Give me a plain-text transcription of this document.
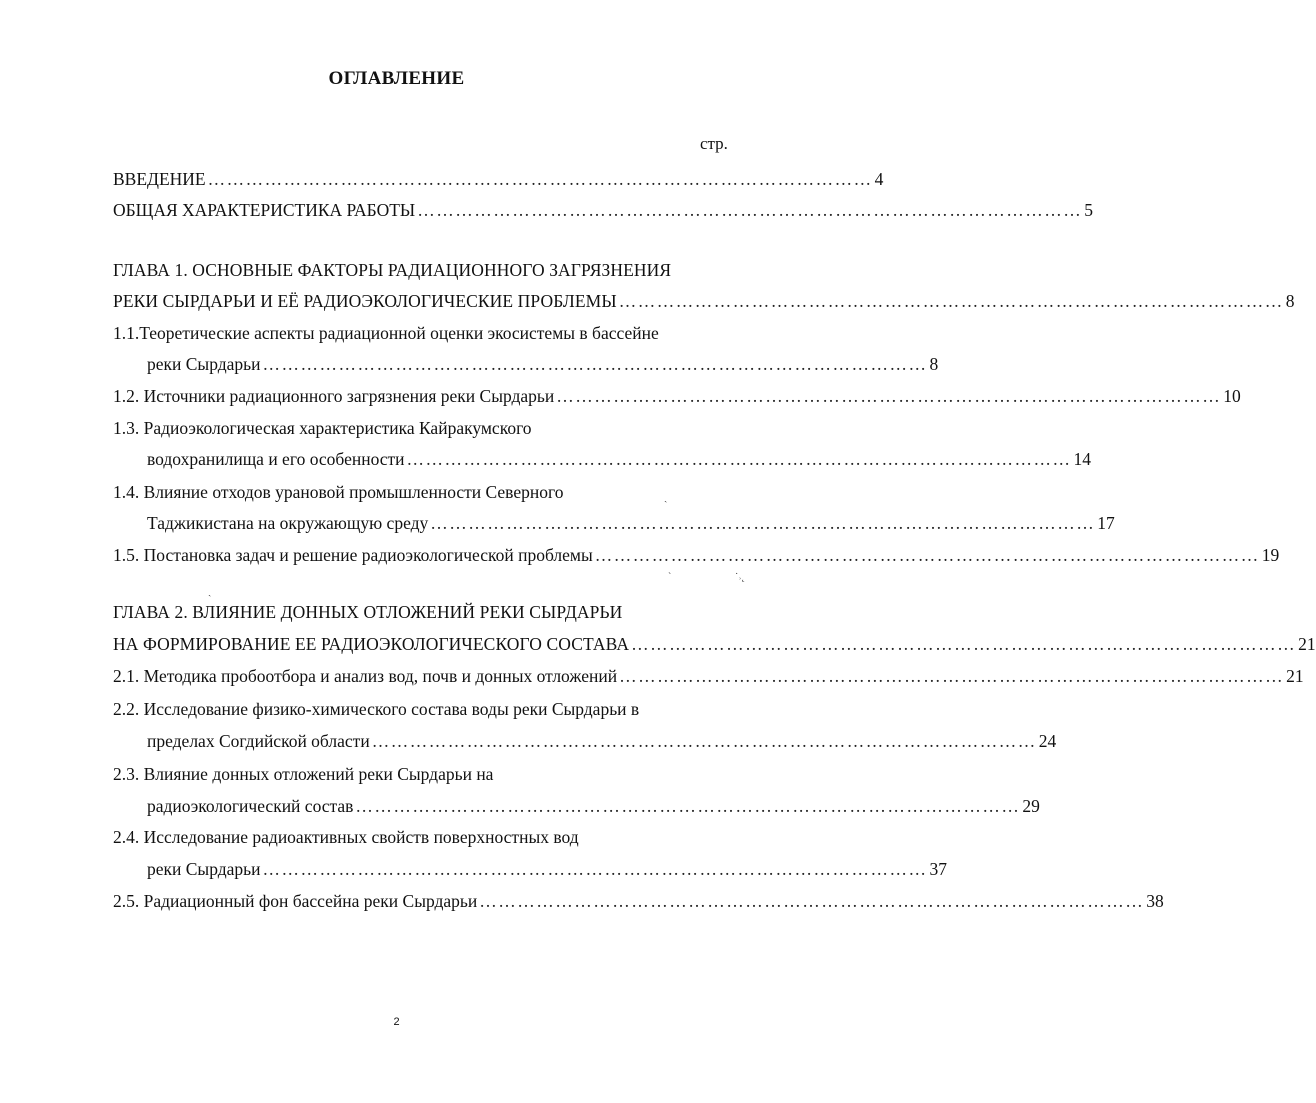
ОГЛАВЛЕНИЕ
стр.
ВВЕДЕНИЕ …………………………………………………………………………………………… 4
ОБЩАЯ ХАРАКТЕРИСТИКА РАБОТЫ …………………………………………………………………………………………… 5
ГЛАВА 1. ОСНОВНЫЕ ФАКТОРЫ РАДИАЦИОННОГО ЗАГРЯЗНЕНИЯ
РЕКИ СЫРДАРЬИ И ЕЁ РАДИОЭКОЛОГИЧЕСКИЕ ПРОБЛЕМЫ …………………………………………………………………………………………… 8
1.1.Теоретические аспекты радиационной оценки экосистемы в бассейне
реки Сырдарьи …………………………………………………………………………………………… 8
1.2. Источники радиационного загрязнения реки Сырдарьи …………………………………………………………………………………………… 10
1.3. Радиоэкологическая характеристика Кайракумского
водохранилища и его особенности …………………………………………………………………………………………… 14
1.4. Влияние отходов урановой промышленности Северного
Таджикистана на окружающую среду …………………………………………………………………………………………… 17
1.5. Постановка задач и решение радиоэкологической проблемы …………………………………………………………………………………………… 19
ГЛАВА 2. ВЛИЯНИЕ ДОННЫХ ОТЛОЖЕНИЙ РЕКИ СЫРДАРЬИ
НА ФОРМИРОВАНИЕ ЕЕ РАДИОЭКОЛОГИЧЕСКОГО СОСТАВА …………………………………………………………………………………………… 21
2.1. Методика пробоотбора и анализ вод, почв и донных отложений …………………………………………………………………………………………… 21
2.2. Исследование физико-химического состава воды реки Сырдарьи в
пределах Согдийской области …………………………………………………………………………………………… 24
2.3. Влияние донных отложений реки Сырдарьи на
радиоэкологический состав …………………………………………………………………………………………… 29
2.4. Исследование радиоактивных свойств поверхностных вод
реки Сырдарьи …………………………………………………………………………………………… 37
2.5. Радиационный фон бассейна реки Сырдарьи …………………………………………………………………………………………… 38
ˎ
ˋ	˙˒˛
ˎ
2
